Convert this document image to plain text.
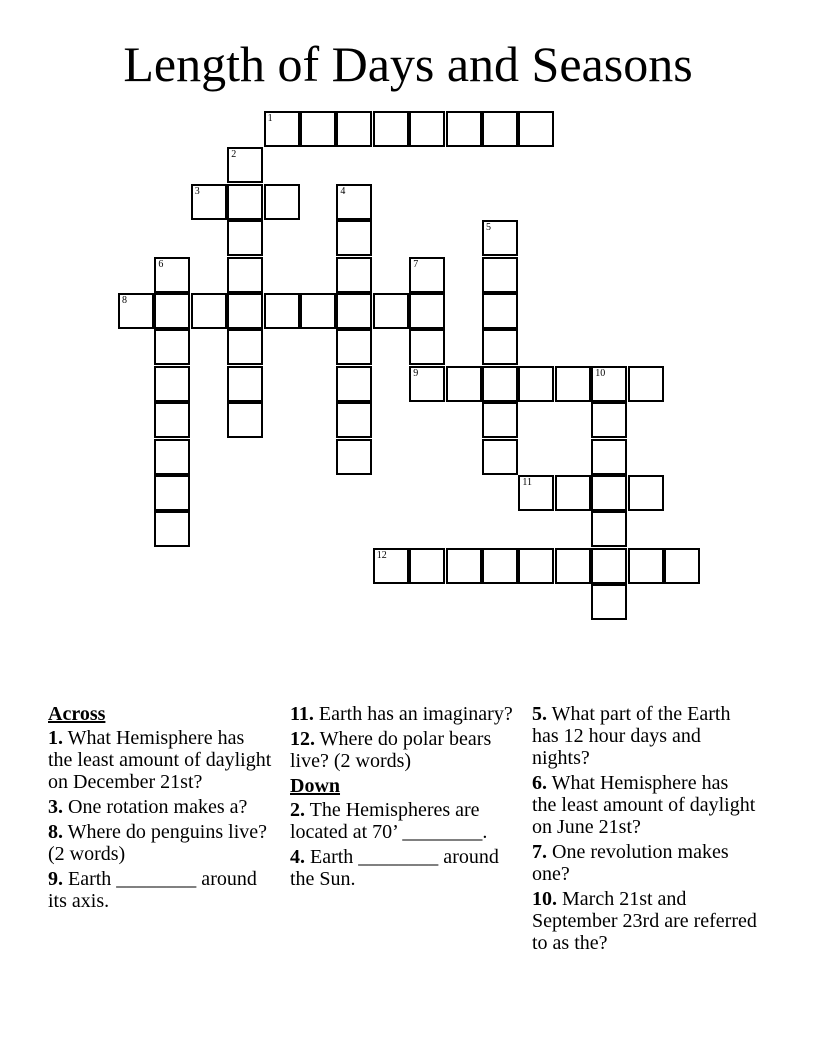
Length of Days and Seasons
1
2
3	4
5
6	7
9
8
10
11
12
Across
1. What Hemisphere has the least amount of daylight on December 21st?
3. One rotation makes a?
8. Where do penguins live? (2 words)
9. Earth ________ around its axis.
11. Earth has an imaginary?
12. Where do polar bears live? (2 words)
Down
2. The Hemispheres are located at 70’ ________.
4. Earth ________ around the Sun.
5. What part of the Earth has 12 hour days and nights?
6. What Hemisphere has the least amount of daylight on June 21st?
7. One revolution makes one?
10. March 21st and September 23rd are referred to as the?
